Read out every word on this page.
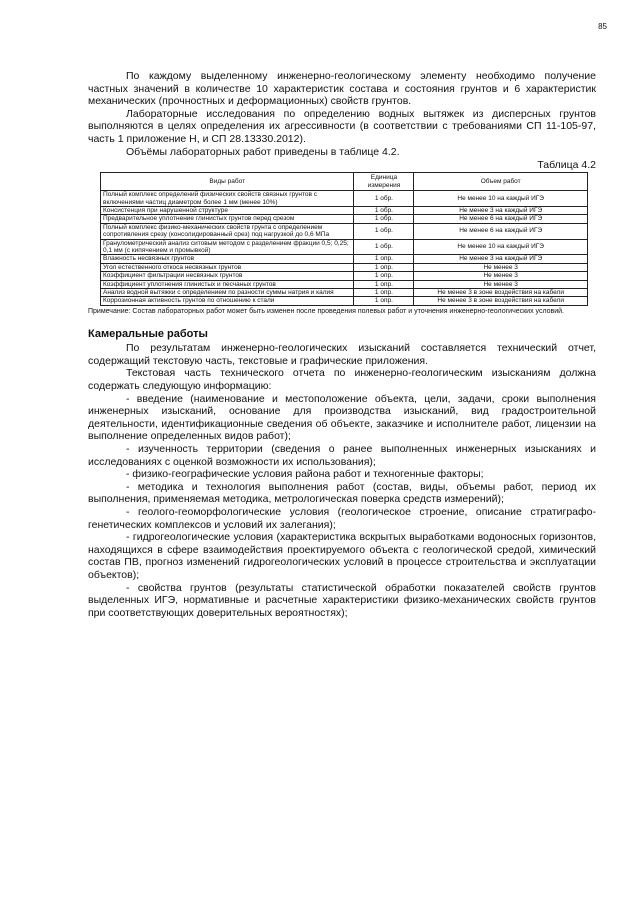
85

По каждому выделенному инженерно-геологическому элементу необходимо получение частных значений в количестве 10 характеристик состава и состояния грунтов и 6 характеристик механических (прочностных и деформационных) свойств грунтов.

Лабораторные исследования по определению водных вытяжек из дисперсных грунтов выполняются в целях определения их агрессивности (в соответствии с требованиями СП 11-105-97, часть 1 приложение Н, и СП 28.13330.2012).

Объёмы лабораторных работ приведены в таблице 4.2.

Таблица 4.2
Виды работ	Единица измерения	Объем работ
Полный комплекс определений физических свойств связных грунтов с включениями частиц диаметром более 1 мм (менее 10%)	1 обр.	Не менее 10 на каждый ИГЭ
Консистенция при нарушенной структуре	1 обр.	Не менее 3 на каждый ИГЭ
Предварительное уплотнение глинистых грунтов перед срезом	1 обр.	Не менее 6 на каждый ИГЭ
Полный комплекс физико-механических свойств грунта с определением сопротивления срезу (консолидированный срез) под нагрузкой до 0,6 МПа	1 обр.	Не менее 6 на каждый ИГЭ
Гранулометрический анализ ситовым методом с разделением фракции 0,5; 0,25; 0,1 мм (с кипячением и промывкой)	1 обр.	Не менее 10 на каждый ИГЭ
Влажность несвязных грунтов	1 опр.	Не менее 3 на каждый ИГЭ
Угол естественного откоса несвязных грунтов	1 опр.	Не менее 3
Коэффициент фильтрации несвязных грунтов	1 опр.	Не менее 3
Коэффициент уплотнения глинистых и песчаных грунтов	1 опр.	Не менее 3
Анализ водной вытяжки с определением по разности суммы натрия и калия	1 опр.	Не менее 3 в зоне воздействия на кабели
Коррозионная активность грунтов по отношению к стали	1 опр.	Не менее 3 в зоне воздействия на кабели

Примечание: Состав лабораторных работ может быть изменен после проведения полевых работ и уточнения инженерно-геологических условий.

Камеральные работы

По результатам инженерно-геологических изысканий составляется технический отчет, содержащий текстовую часть, текстовые и графические приложения.

Текстовая часть технического отчета по инженерно-геологическим изысканиям должна содержать следующую информацию:

- введение (наименование и местоположение объекта, цели, задачи, сроки выполнения инженерных изысканий, основание для производства изысканий, вид градостроительной деятельности, идентификационные сведения об объекте, заказчике и исполнителе работ, лицензии на выполнение определенных видов работ);

- изученность территории (сведения о ранее выполненных инженерных изысканиях и исследованиях с оценкой возможности их использования);

- физико-географические условия района работ и техногенные факторы;

- методика и технология выполнения работ (состав, виды, объемы работ, период их выполнения, применяемая методика, метрологическая поверка средств измерений);

- геолого-геоморфологические условия (геологическое строение, описание стратиграфо-генетических комплексов и условий их залегания);

- гидрогеологические условия (характеристика вскрытых выработками водоносных горизонтов, находящихся в сфере взаимодействия проектируемого объекта с геологической средой, химический состав ПВ, прогноз изменений гидрогеологических условий в процессе строительства и эксплуатации объектов);

- свойства грунтов (результаты статистической обработки показателей свойств грунтов выделенных ИГЭ, нормативные и расчетные характеристики физико-механических свойств грунтов при соответствующих доверительных вероятностях);
